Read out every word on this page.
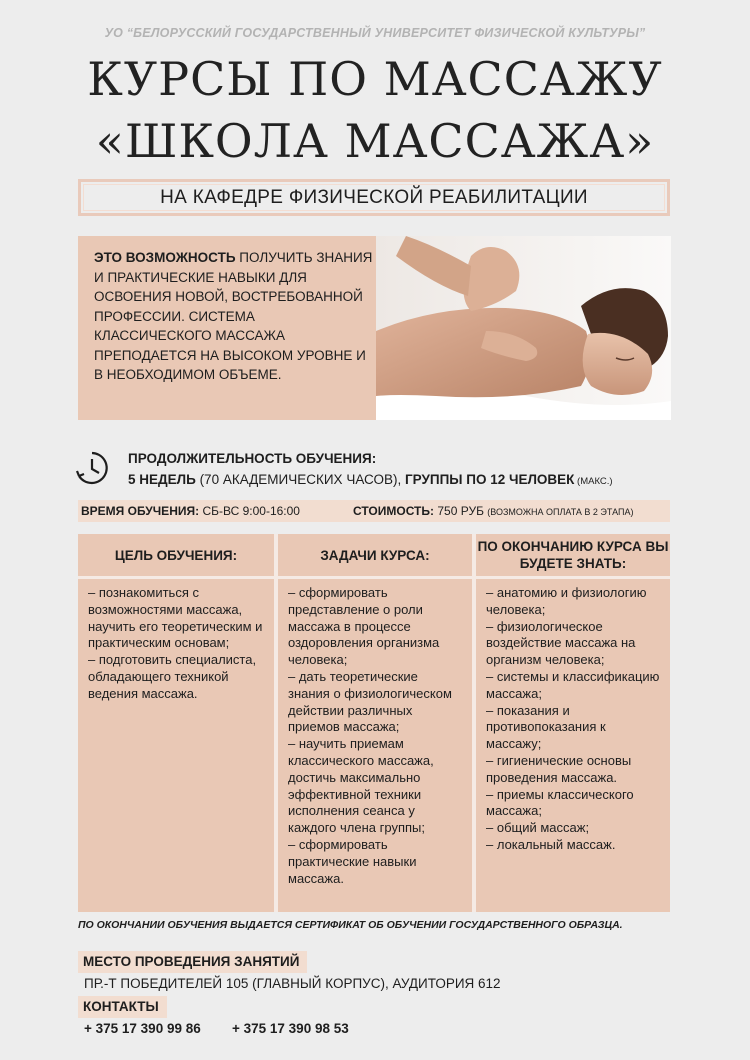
УО “БЕЛОРУССКИЙ ГОСУДАРСТВЕННЫЙ УНИВЕРСИТЕТ ФИЗИЧЕСКОЙ КУЛЬТУРЫ”
КУРСЫ ПО МАССАЖУ
«ШКОЛА МАССАЖА»
НА КАФЕДРЕ ФИЗИЧЕСКОЙ РЕАБИЛИТАЦИИ
ЭТО ВОЗМОЖНОСТЬ ПОЛУЧИТЬ ЗНАНИЯ И ПРАКТИЧЕСКИЕ НАВЫКИ ДЛЯ ОСВОЕНИЯ НОВОЙ, ВОСТРЕБОВАННОЙ ПРОФЕССИИ. СИСТЕМА КЛАССИЧЕСКОГО МАССАЖА ПРЕПОДАЕТСЯ НА ВЫСОКОМ УРОВНЕ И В НЕОБХОДИМОМ ОБЪЕМЕ.
ПРОДОЛЖИТЕЛЬНОСТЬ ОБУЧЕНИЯ:
5 НЕДЕЛЬ (70 АКАДЕМИЧЕСКИХ ЧАСОВ), ГРУППЫ ПО 12 ЧЕЛОВЕК (МАКС.)
ВРЕМЯ ОБУЧЕНИЯ: СБ-ВС 9:00-16:00	СТОИМОСТЬ: 750 РУБ (ВОЗМОЖНА ОПЛАТА В 2 ЭТАПА)
ЦЕЛЬ ОБУЧЕНИЯ:
– познакомиться с возможностями массажа, научить его теоретическим и практическим основам;
– подготовить специалиста, обладающего техникой ведения массажа.
ЗАДАЧИ КУРСА:
– сформировать представление о роли массажа в процессе оздоровления организма человека;
– дать теоретические знания о физиологическом действии различных приемов массажа;
– научить приемам классического массажа, достичь максимально эффективной техники исполнения сеанса у каждого члена группы;
– сформировать практические навыки массажа.
ПО ОКОНЧАНИЮ КУРСА ВЫ БУДЕТЕ ЗНАТЬ:
– анатомию и физиологию человека;
– физиологическое воздействие массажа на организм человека;
– системы и классификацию массажа;
– показания и противопоказания к массажу;
– гигиенические основы проведения массажа.
– приемы классического массажа;
– общий массаж;
– локальный массаж.
ПО ОКОНЧАНИИ ОБУЧЕНИЯ ВЫДАЕТСЯ СЕРТИФИКАТ ОБ ОБУЧЕНИИ ГОСУДАРСТВЕННОГО ОБРАЗЦА.
МЕСТО ПРОВЕДЕНИЯ ЗАНЯТИЙ
ПР.-Т ПОБЕДИТЕЛЕЙ 105 (ГЛАВНЫЙ КОРПУС), АУДИТОРИЯ 612
КОНТАКТЫ
+ 375 17 390 99 86 + 375 17 390 98 53
